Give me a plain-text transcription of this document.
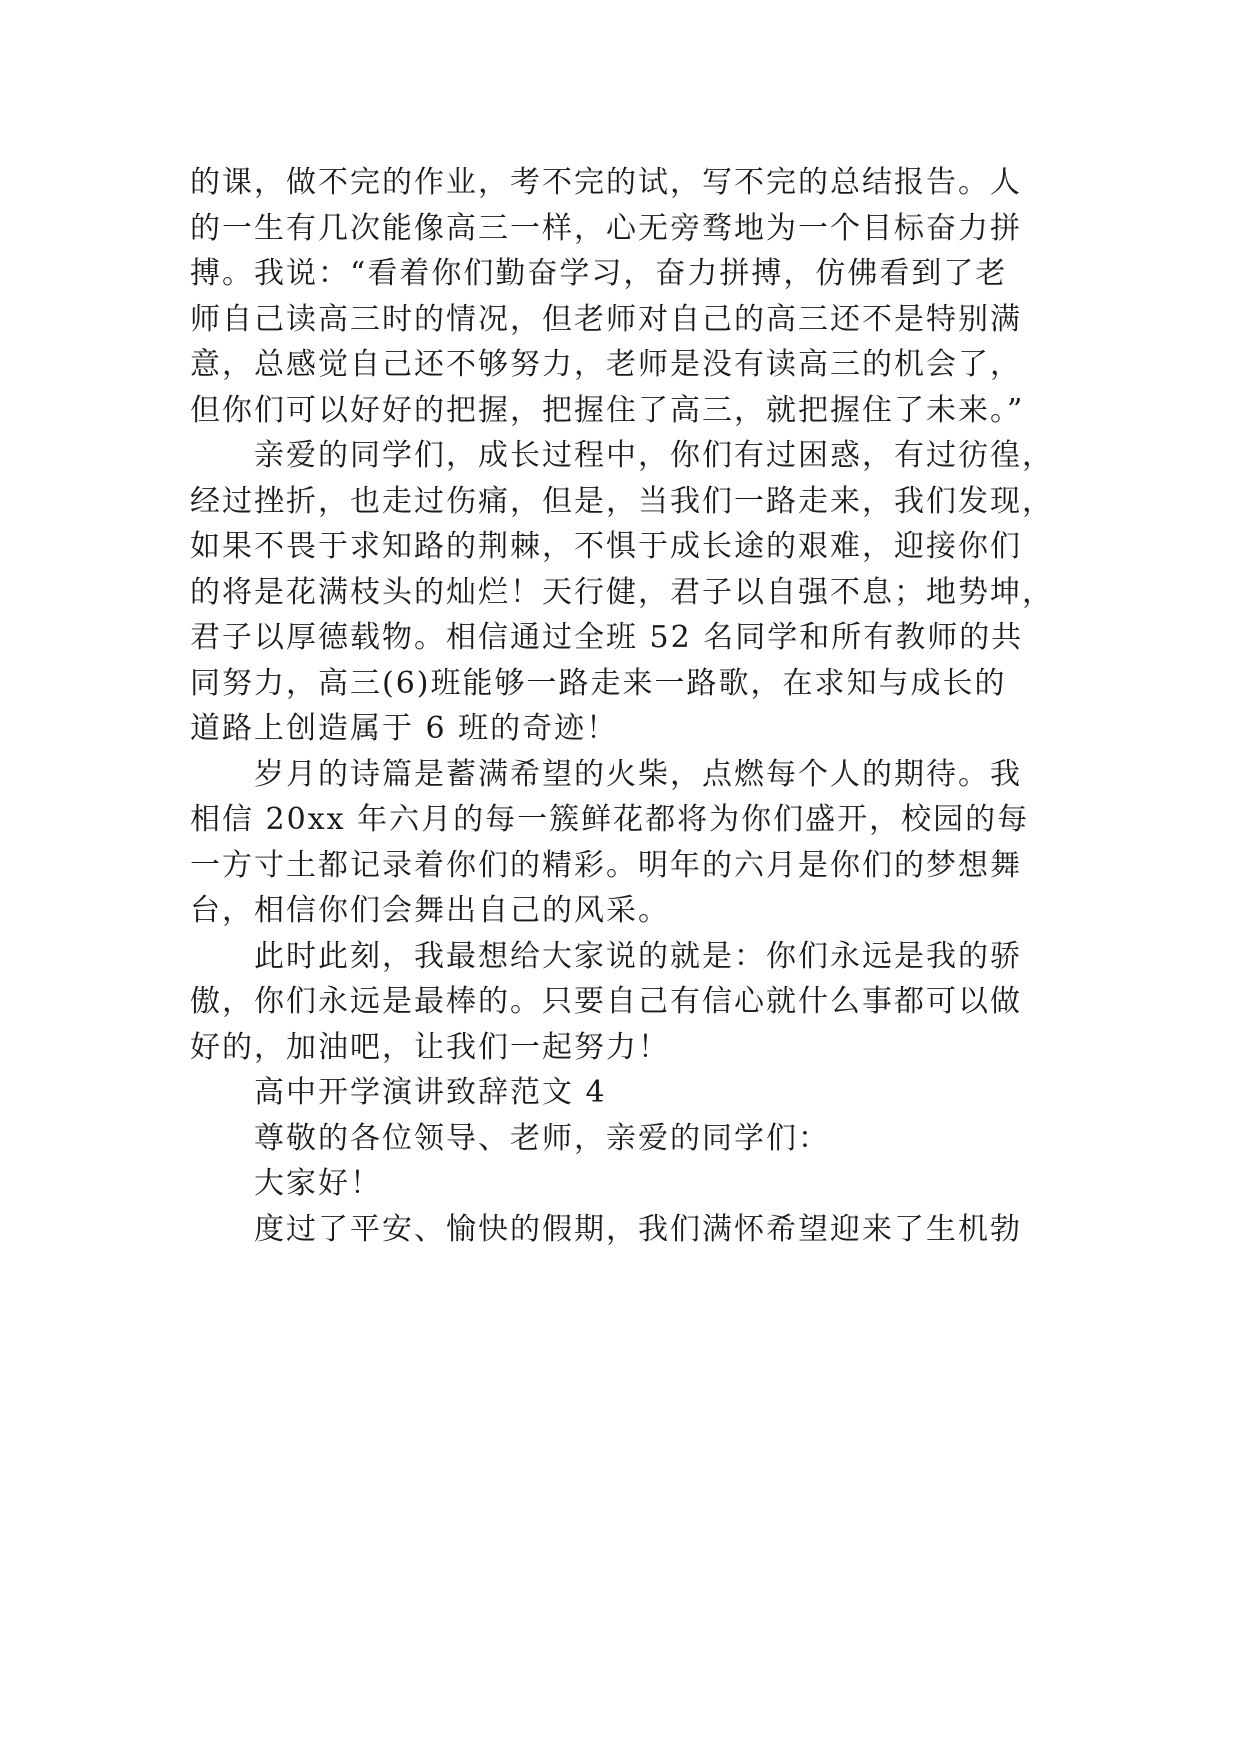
的课，做不完的作业，考不完的试，写不完的总结报告。人
的一生有几次能像高三一样，心无旁骛地为一个目标奋力拼
搏。我说：“看着你们勤奋学习，奋力拼搏，仿佛看到了老
师自己读高三时的情况，但老师对自己的高三还不是特别满
意，总感觉自己还不够努力，老师是没有读高三的机会了，
但你们可以好好的把握，把握住了高三，就把握住了未来。”
亲爱的同学们，成长过程中，你们有过困惑，有过彷徨，
经过挫折，也走过伤痛，但是，当我们一路走来，我们发现，
如果不畏于求知路的荆棘，不惧于成长途的艰难，迎接你们
的将是花满枝头的灿烂！天行健，君子以自强不息；地势坤，
君子以厚德载物。相信通过全班 52 名同学和所有教师的共
同努力，高三(6)班能够一路走来一路歌，在求知与成长的
道路上创造属于 6 班的奇迹！
岁月的诗篇是蓄满希望的火柴，点燃每个人的期待。我
相信 20xx 年六月的每一簇鲜花都将为你们盛开，校园的每
一方寸土都记录着你们的精彩。明年的六月是你们的梦想舞
台，相信你们会舞出自己的风采。
此时此刻，我最想给大家说的就是：你们永远是我的骄
傲，你们永远是最棒的。只要自己有信心就什么事都可以做
好的，加油吧，让我们一起努力！
高中开学演讲致辞范文 4
尊敬的各位领导、老师，亲爱的同学们：
大家好！
度过了平安、愉快的假期，我们满怀希望迎来了生机勃
